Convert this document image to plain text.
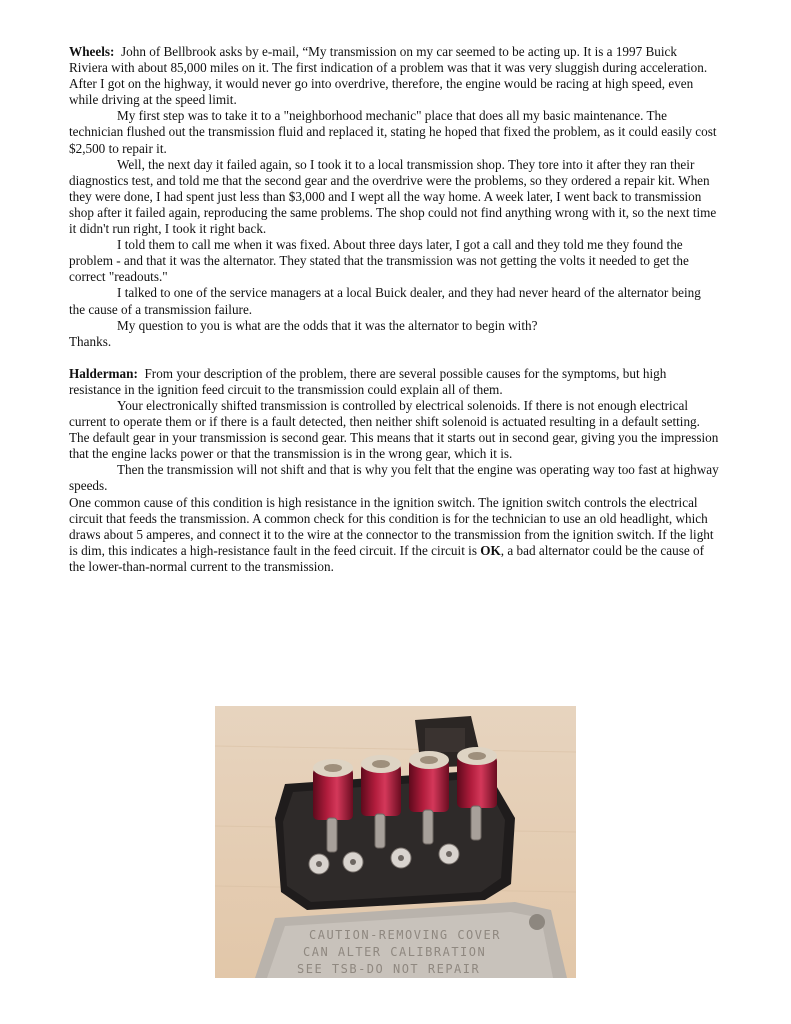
Wheels: John of Bellbrook asks by e-mail, “My transmission on my car seemed to be acting up. It is a 1997 Buick Riviera with about 85,000 miles on it. The first indication of a problem was that it was very sluggish during acceleration. After I got on the highway, it would never go into overdrive, therefore, the engine would be racing at high speed, even while driving at the speed limit.

My first step was to take it to a "neighborhood mechanic" place that does all my basic maintenance. The technician flushed out the transmission fluid and replaced it, stating he hoped that fixed the problem, as it could easily cost $2,500 to repair it.

Well, the next day it failed again, so I took it to a local transmission shop. They tore into it after they ran their diagnostics test, and told me that the second gear and the overdrive were the problems, so they ordered a repair kit. When they were done, I had spent just less than $3,000 and I wept all the way home. A week later, I went back to transmission shop after it failed again, reproducing the same problems. The shop could not find anything wrong with it, so the next time it didn't run right, I took it right back.

I told them to call me when it was fixed. About three days later, I got a call and they told me they found the problem - and that it was the alternator. They stated that the transmission was not getting the volts it needed to get the correct "readouts."

I talked to one of the service managers at a local Buick dealer, and they had never heard of the alternator being the cause of a transmission failure.

My question to you is what are the odds that it was the alternator to begin with?

Thanks.

Halderman: From your description of the problem, there are several possible causes for the symptoms, but high resistance in the ignition feed circuit to the transmission could explain all of them.

Your electronically shifted transmission is controlled by electrical solenoids. If there is not enough electrical current to operate them or if there is a fault detected, then neither shift solenoid is actuated resulting in a default setting. The default gear in your transmission is second gear. This means that it starts out in second gear, giving you the impression that the engine lacks power or that the transmission is in the wrong gear, which it is.

Then the transmission will not shift and that is why you felt that the engine was operating way too fast at highway speeds.

One common cause of this condition is high resistance in the ignition switch. The ignition switch controls the electrical circuit that feeds the transmission. A common check for this condition is for the technician to use an old headlight, which draws about 5 amperes, and connect it to the wire at the connector to the transmission from the ignition switch. If the light is dim, this indicates a high-resistance fault in the feed circuit. If the circuit is OK, a bad alternator could be the cause of the lower-than-normal current to the transmission.

CAUTION-REMOVING COVER
CAN ALTER CALIBRATION
SEE TSB-DO NOT REPAIR
